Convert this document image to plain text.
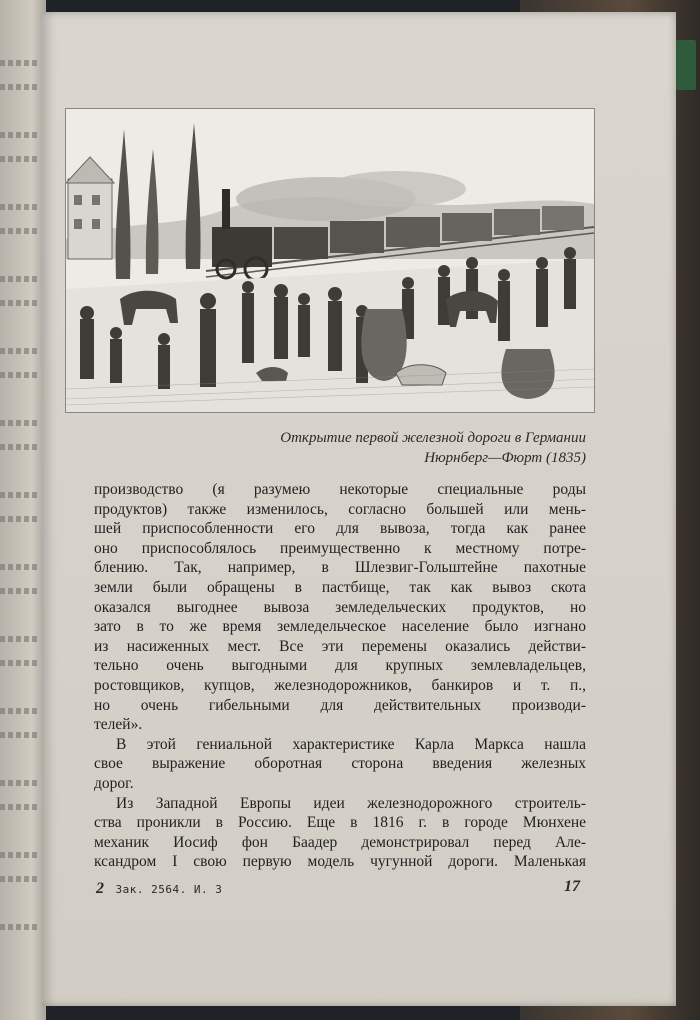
Открытие первой железной дороги в Германии
Нюрнберг—Фюрт (1835)

производство (я разумею некоторые специальные роды
продуктов) также изменилось, согласно большей или мень-
шей приспособленности его для вывоза, тогда как ранее
оно приспособлялось преимущественно к местному потре-
блению. Так, например, в Шлезвиг-Гольштейне пахотные
земли были обращены в пастбище, так как вывоз скота
оказался выгоднее вывоза земледельческих продуктов, но
зато в то же время земледельческое население было изгнано
из насиженных мест. Все эти перемены оказались действи-
тельно очень выгодными для крупных землевладельцев,
ростовщиков, купцов, железнодорожников, банкиров и т. п.,
но очень гибельными для действительных производи-
телей».

В этой гениальной характеристике Карла Маркса нашла
свое выражение оборотная сторона введения железных
дорог.

Из Западной Европы идеи железнодорожного строитель-
ства проникли в Россию. Еще в 1816 г. в городе Мюнхене
механик Иосиф фон Баадер демонстрировал перед Але-
ксандром I свою первую модель чугунной дороги. Маленькая

2 Зак. 2564. И. 3	17
